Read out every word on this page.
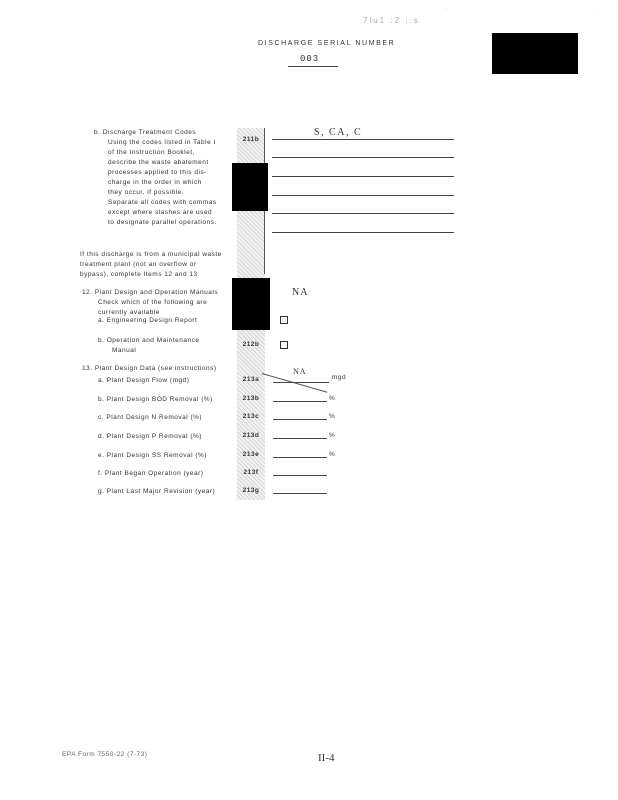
·
·
7lu1 :2 ;.s
DISCHARGE SERIAL NUMBER
003
b. Discharge Treatment Codes
Using the codes listed in Table I
of the Instruction Booklet,
describe the waste abatement
processes applied to this dis-
charge in the order in which
they occur, if possible.
Separate all codes with commas
except where slashes are used
to designate parallel operations.
211b
S, CA, C
If this discharge is from a municipal waste
treatment plant (not an overflow or
bypass), complete Items 12 and 13
12. Plant Design and Operation Manuals
Check which of the following are
currently available
NA
a. Engineering Design Report
b. Operation and Maintenance
Manual
212b
13. Plant Design Data (see instructions)	NA
a. Plant Design Flow (mgd)	213a	mgd
b. Plant Design BOD Removal (%)	213b	%
c. Plant Design N Removal (%)	213c	%
d. Plant Design P Removal (%)	213d	%
e. Plant Design SS Removal (%)	213e	%
f. Plant Began Operation (year)	213f
g. Plant Last Major Revision (year)	213g
EPA Form 7550-22 (7-73)	II-4
